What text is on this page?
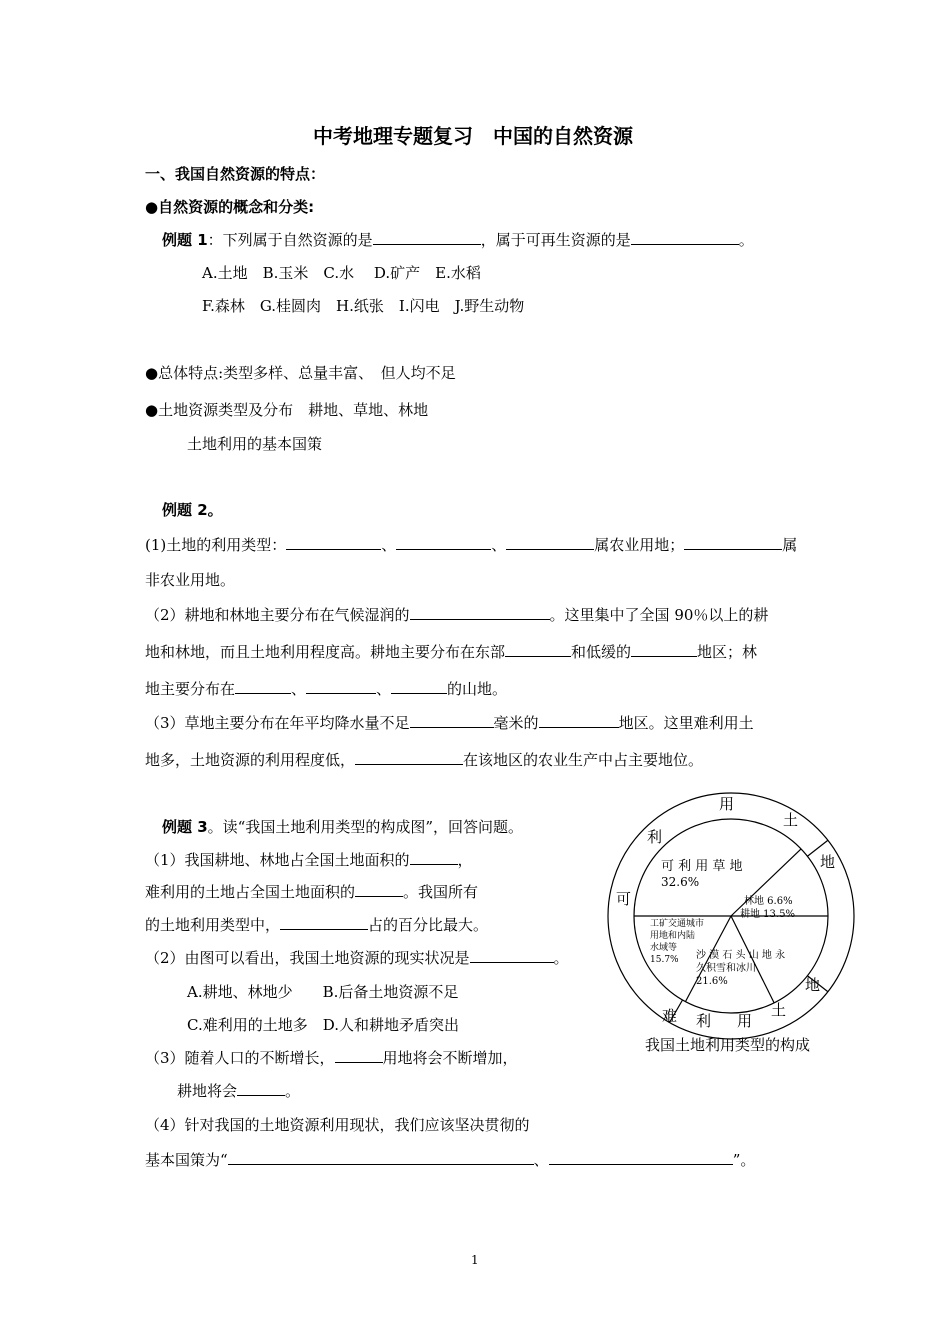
中考地理专题复习　中国的自然资源
一、我国自然资源的特点：
●自然资源的概念和分类:
例题 1：下列属于自然资源的是	，属于可再生资源的是	。
A.土地　B.玉米　C.水　 D.矿产　E.水稻
F.森林　G.桂圆肉　H.纸张　I.闪电　J.野生动物
●总体特点:类型多样、总量丰富、　但人均不足
●土地资源类型及分布　耕地、草地、林地
土地利用的基本国策
例题 2。
(1)土地的利用类型：	、	、	属农业用地；	属
非农业用地。
（2）耕地和林地主要分布在气候湿润的	。这里集中了全国 90％以上的耕
地和林地，而且土地利用程度高。耕地主要分布在东部	和低缓的	地区；林
地主要分布在	、	、	的山地。
（3）草地主要分布在年平均降水量不足	毫米的	地区。这里难利用土
地多，土地资源的利用程度低，	在该地区的农业生产中占主要地位。
例题 3。读“我国土地利用类型的构成图”，回答问题。
（1）我国耕地、林地占全国土地面积的	，
难利用的土地占全国土地面积的	。我国所有
的土地利用类型中，	占的百分比最大。
（2）由图可以看出，我国土地资源的现实状况是	。
A.耕地、林地少　　B.后备土地资源不足
C.难利用的土地多　D.人和耕地矛盾突出
（3）随着人口的不断增长，	用地将会不断增加，
耕地将会	。
（4）针对我国的土地资源利用现状，我们应该坚决贯彻的
基本国策为“	、	”。
用
土
地
利
可
难 利 用
土
地
可 利 用 草 地
32.6%
林地 6.6%
耕地 13.5%
沙 漠 石 头 山 地 永
久积雪和冰川
21.6%
工矿交通城市
用地和内陆
水域等
15.7%
我国土地利用类型的构成
1
